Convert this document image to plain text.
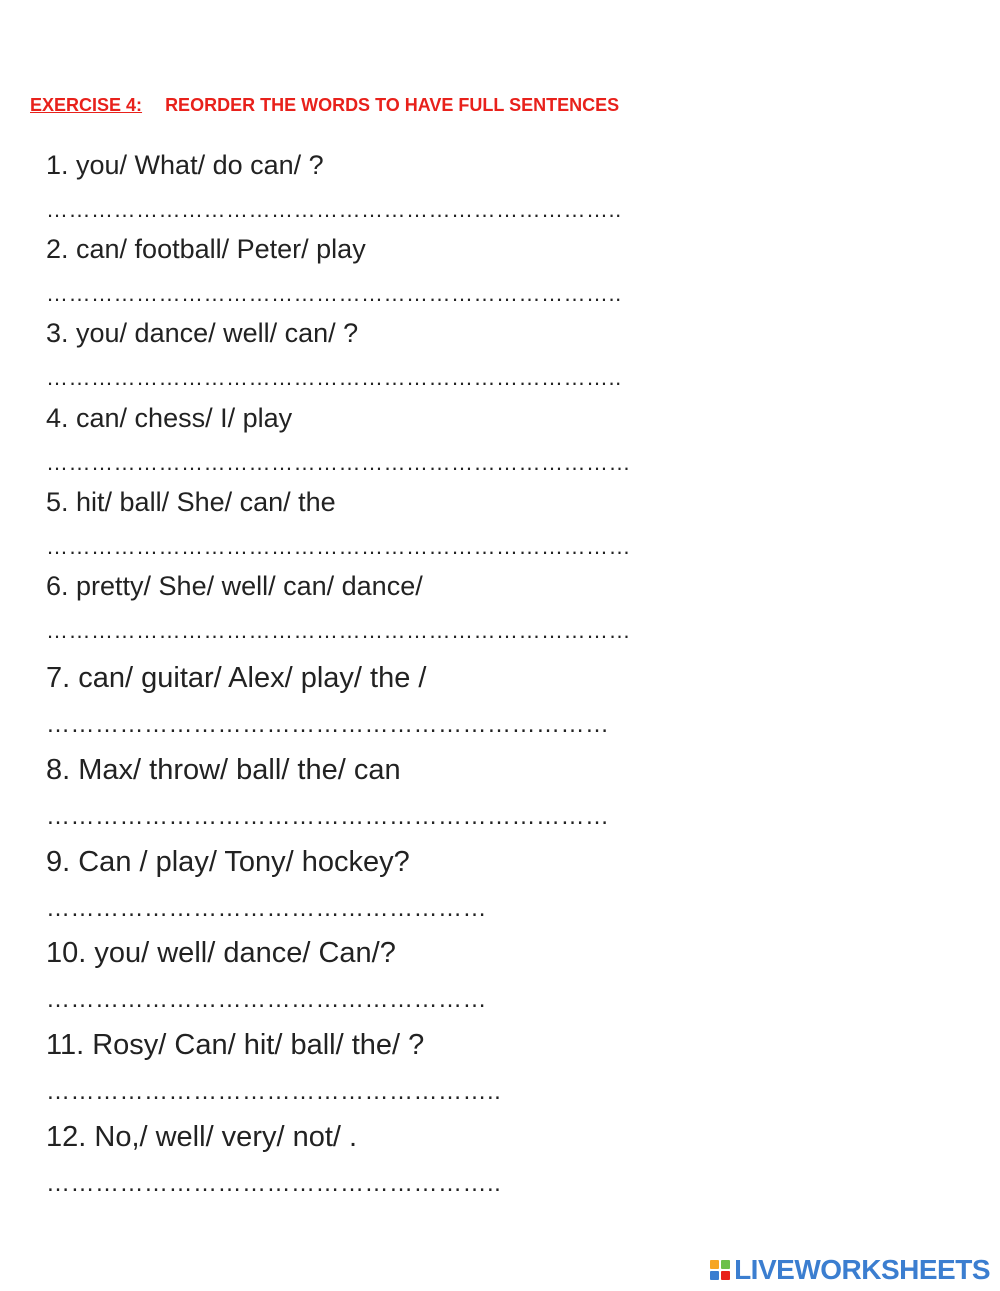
EXERCISE 4: REORDER THE WORDS TO HAVE FULL SENTENCES
1. you/ What/ do can/ ?
…………………………………………………………………..
2. can/ football/ Peter/ play
…………………………………………………………………..
3. you/ dance/ well/ can/ ?
…………………………………………………………………..
4. can/ chess/ I/ play
……………………………………………………………………
5. hit/ ball/ She/ can/ the
……………………………………………………………………
6. pretty/ She/ well/ can/ dance/
……………………………………………………………………
7. can/ guitar/ Alex/ play/ the /
……………………………………………………………
8. Max/ throw/ ball/ the/ can
……………………………………………………………
9. Can / play/ Tony/ hockey?
………………………………………………
10. you/ well/ dance/ Can/?
………………………………………………
11. Rosy/ Can/ hit/ ball/ the/ ?
………………………………………………..
12. No,/ well/ very/ not/ .
………………………………………………..
LIVEWORKSHEETS
